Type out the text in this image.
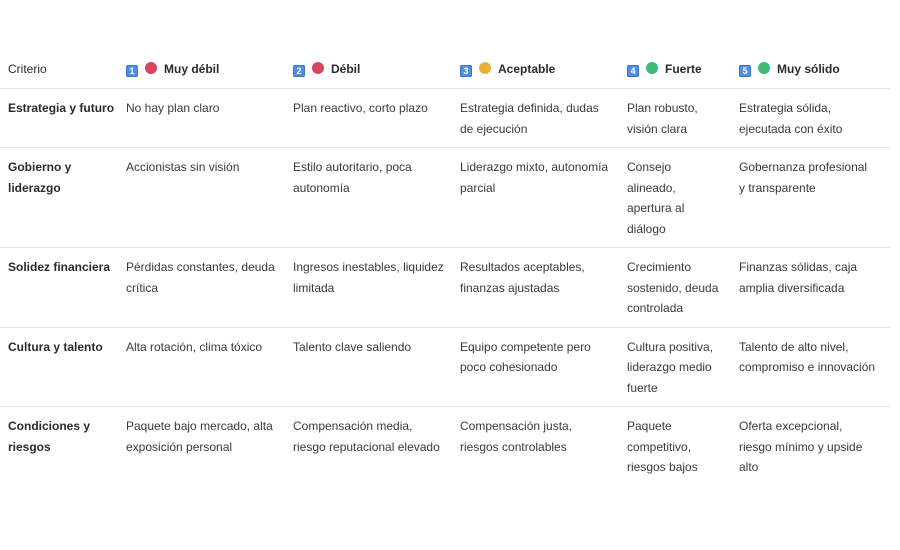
Criterio	1 Muy débil	2 Débil	3 Aceptable	4 Fuerte	5 Muy sólido
Estrategia y futuro	No hay plan claro	Plan reactivo, corto plazo	Estrategia definida, dudas de ejecución	Plan robusto, visión clara	Estrategia sólida, ejecutada con éxito
Gobierno y liderazgo	Accionistas sin visión	Estilo autoritario, poca autonomía	Liderazgo mixto, autonomía parcial	Consejo alineado, apertura al diálogo	Gobernanza profesional y transparente
Solidez financiera	Pérdidas constantes, deuda crítica	Ingresos inestables, liquidez limitada	Resultados aceptables, finanzas ajustadas	Crecimiento sostenido, deuda controlada	Finanzas sólidas, caja amplia diversificada
Cultura y talento	Alta rotación, clima tóxico	Talento clave saliendo	Equipo competente pero poco cohesionado	Cultura positiva, liderazgo medio fuerte	Talento de alto nivel, compromiso e innovación
Condiciones y riesgos	Paquete bajo mercado, alta exposición personal	Compensación media, riesgo reputacional elevado	Compensación justa, riesgos controlables	Paquete competitivo, riesgos bajos	Oferta excepcional, riesgo mínimo y upside alto
